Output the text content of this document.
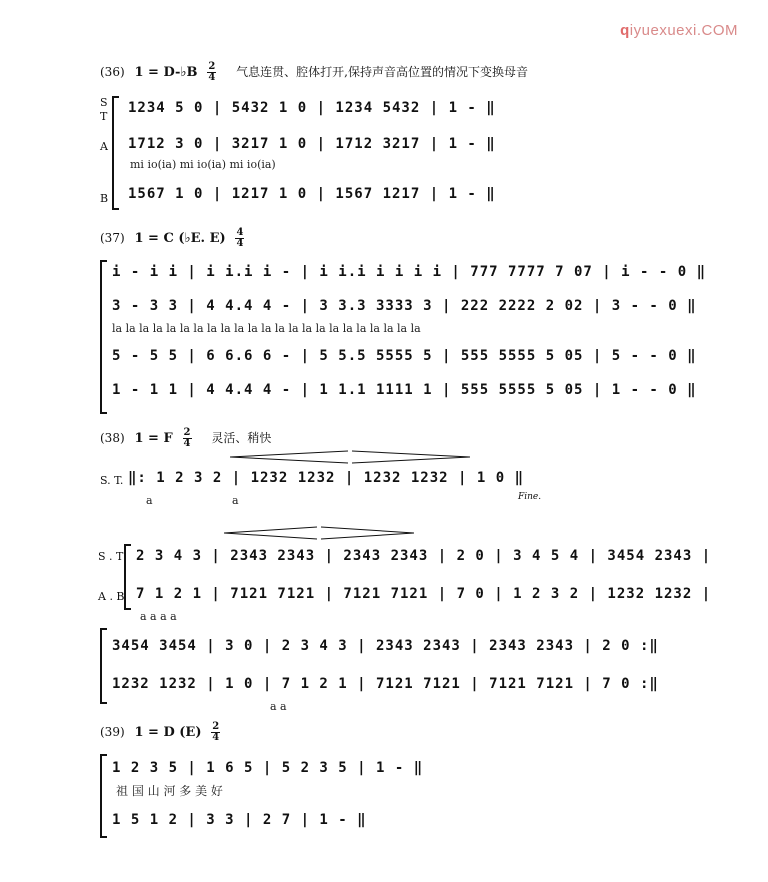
qiyuexuexi.COM
(36) 1 = D-♭B $\frac{2}{4}$ 气息连贯、腔体打开,保持声音高位置的情况下变换母音
S
T
A
B
1234 5 0 | 5432 1 0 | 1234 5432 | 1 - ‖
1712 3 0 | 3217 1 0 | 1712 3217 | 1 - ‖
mi io(ia) mi io(ia) mi io(ia)
1567 1 0 | 1217 1 0 | 1567 1217 | 1 - ‖
(37) 1 = C (♭E. $E) \frac{4}{4}$
i - i i | i i.i i - | i i.i i i i i | 777 7777 7 07 | i - - 0 ‖
3 - 3 3 | 4 4.4 4 - | 3 3.3 3333 3 | 222 2222 2 02 | 3 - - 0 ‖
la la la la la la la la la la la la la la la la la la la la la la la
5 - 5 5 | 6 6.6 6 - | 5 5.5 5555 5 | 555 5555 5 05 | 5 - - 0 ‖
1 - 1 1 | 4 4.4 4 - | 1 1.1 1111 1 | 555 5555 5 05 | 1 - - 0 ‖
(38) 1 = F $\frac{2}{4}$ 灵活、稍快
S. T. ‖: 1 2 3 2 | 1232 1232 | 1232 1232 | 1 0 ‖
a	a	Fine.
S . T
A . B
2 3 4 3 | 2343 2343 | 2343 2343 | 2 0 | 3 4 5 4 | 3454 2343 |
7 1 2 1 | 7121 7121 | 7121 7121 | 7 0 | 1 2 3 2 | 1232 1232 |
a a a a
3454 3454 | 3 0 | 2 3 4 3 | 2343 2343 | 2343 2343 | 2 0 :‖
1232 1232 | 1 0 | 7 1 2 1 | 7121 7121 | 7121 7121 | 7 0 :‖
a a
(39) 1 = D $(E) \frac{2}{4}$
1 2 3 5 | 1 6 5 | 5 2 3 5 | 1 - ‖
祖 国 山 河 多 美 好
1 5 1 2 | 3 3 | 2 7 | 1 - ‖
